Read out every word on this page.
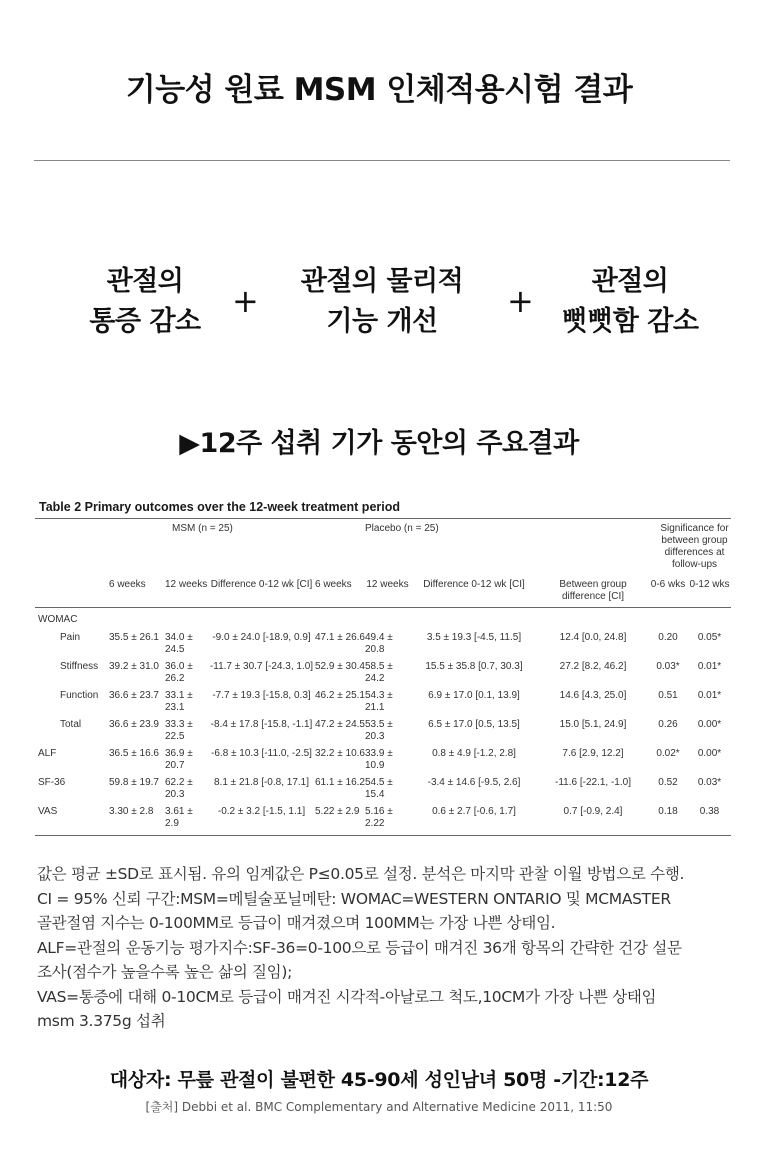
기능성 원료 MSM 인체적용시험 결과
관절의
통증 감소
+
관절의 물리적
기능 개선
+
관절의
뻣뻣함 감소
▶12주 섭취 기가 동안의 주요결과
Table 2 Primary outcomes over the 12-week treatment period

	MSM (n = 25)			Placebo (n = 25)				Significance for between group differences at follow-ups	
	6 weeks	12 weeks	Difference 0-12 wk [CI]	6 weeks	12 weeks	Difference 0-12 wk [CI]	Between group difference [CI]	0-6 wks	0-12 wks
WOMAC									
Pain	35.5 ± 26.1	34.0 ± 24.5	-9.0 ± 24.0 [-18.9, 0.9]	47.1 ± 26.6	49.4 ± 20.8	3.5 ± 19.3 [-4.5, 11.5]	12.4 [0.0, 24.8]	0.20	0.05*
Stiffness	39.2 ± 31.0	36.0 ± 26.2	-11.7 ± 30.7 [-24.3, 1.0]	52.9 ± 30.4	58.5 ± 24.2	15.5 ± 35.8 [0.7, 30.3]	27.2 [8.2, 46.2]	0.03*	0.01*
Function	36.6 ± 23.7	33.1 ± 23.1	-7.7 ± 19.3 [-15.8, 0.3]	46.2 ± 25.1	54.3 ± 21.1	6.9 ± 17.0 [0.1, 13.9]	14.6 [4.3, 25.0]	0.51	0.01*
Total	36.6 ± 23.9	33.3 ± 22.5	-8.4 ± 17.8 [-15.8, -1.1]	47.2 ± 24.5	53.5 ± 20.3	6.5 ± 17.0 [0.5, 13.5]	15.0 [5.1, 24.9]	0.26	0.00*
ALF	36.5 ± 16.6	36.9 ± 20.7	-6.8 ± 10.3 [-11.0, -2.5]	32.2 ± 10.6	33.9 ± 10.9	0.8 ± 4.9 [-1.2, 2.8]	7.6 [2.9, 12.2]	0.02*	0.00*
SF-36	59.8 ± 19.7	62.2 ± 20.3	8.1 ± 21.8 [-0.8, 17.1]	61.1 ± 16.2	54.5 ± 15.4	-3.4 ± 14.6 [-9.5, 2.6]	-11.6 [-22.1, -1.0]	0.52	0.03*
VAS	3.30 ± 2.8	3.61 ± 2.9	-0.2 ± 3.2 [-1.5, 1.1]	5.22 ± 2.9	5.16 ± 2.22	0.6 ± 2.7 [-0.6, 1.7]	0.7 [-0.9, 2.4]	0.18	0.38
값은 평균 ±SD로 표시됨. 유의 임계값은 P≤0.05로 설정. 분석은 마지막 관찰 이월 방법으로 수행.
CI = 95% 신뢰 구간:MSM=메틸술포닐메탄: WOMAC=WESTERN ONTARIO 및 MCMASTER
골관절염 지수는 0-100MM로 등급이 매겨졌으며 100MM는 가장 나쁜 상태임.
ALF=관절의 운동기능 평가지수:SF-36=0-100으로 등급이 매겨진 36개 항목의 간략한 건강 설문
조사(점수가 높을수록 높은 삶의 질임);
VAS=통증에 대해 0-10CM로 등급이 매겨진 시각적-아날로그 척도,10CM가 가장 나쁜 상태임
msm 3.375g 섭취
대상자: 무릎 관절이 불편한 45-90세 성인남녀 50명 -기간:12주
[출처] Debbi et al. BMC Complementary and Alternative Medicine 2011, 11:50
